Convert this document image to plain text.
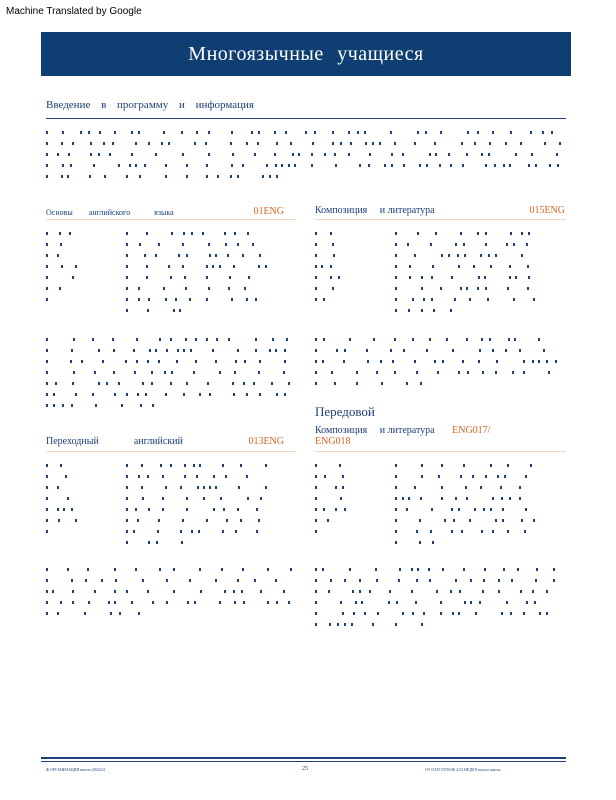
Machine Translated by Google
Многоязычные учащиеся
Введение в программу и информация
Основы английского	языка	01ENG	Композиция и литература	015ENG
Передовой
Переходный	английский	013ENG
Композиция и литература ENG017/ ENG018
Ф.ОРГАНИЗАЦИЯ школа 2023/24	25	ОТ ОАП ОТЛОЖ 2/23 НЕДЕЛ школа школа
